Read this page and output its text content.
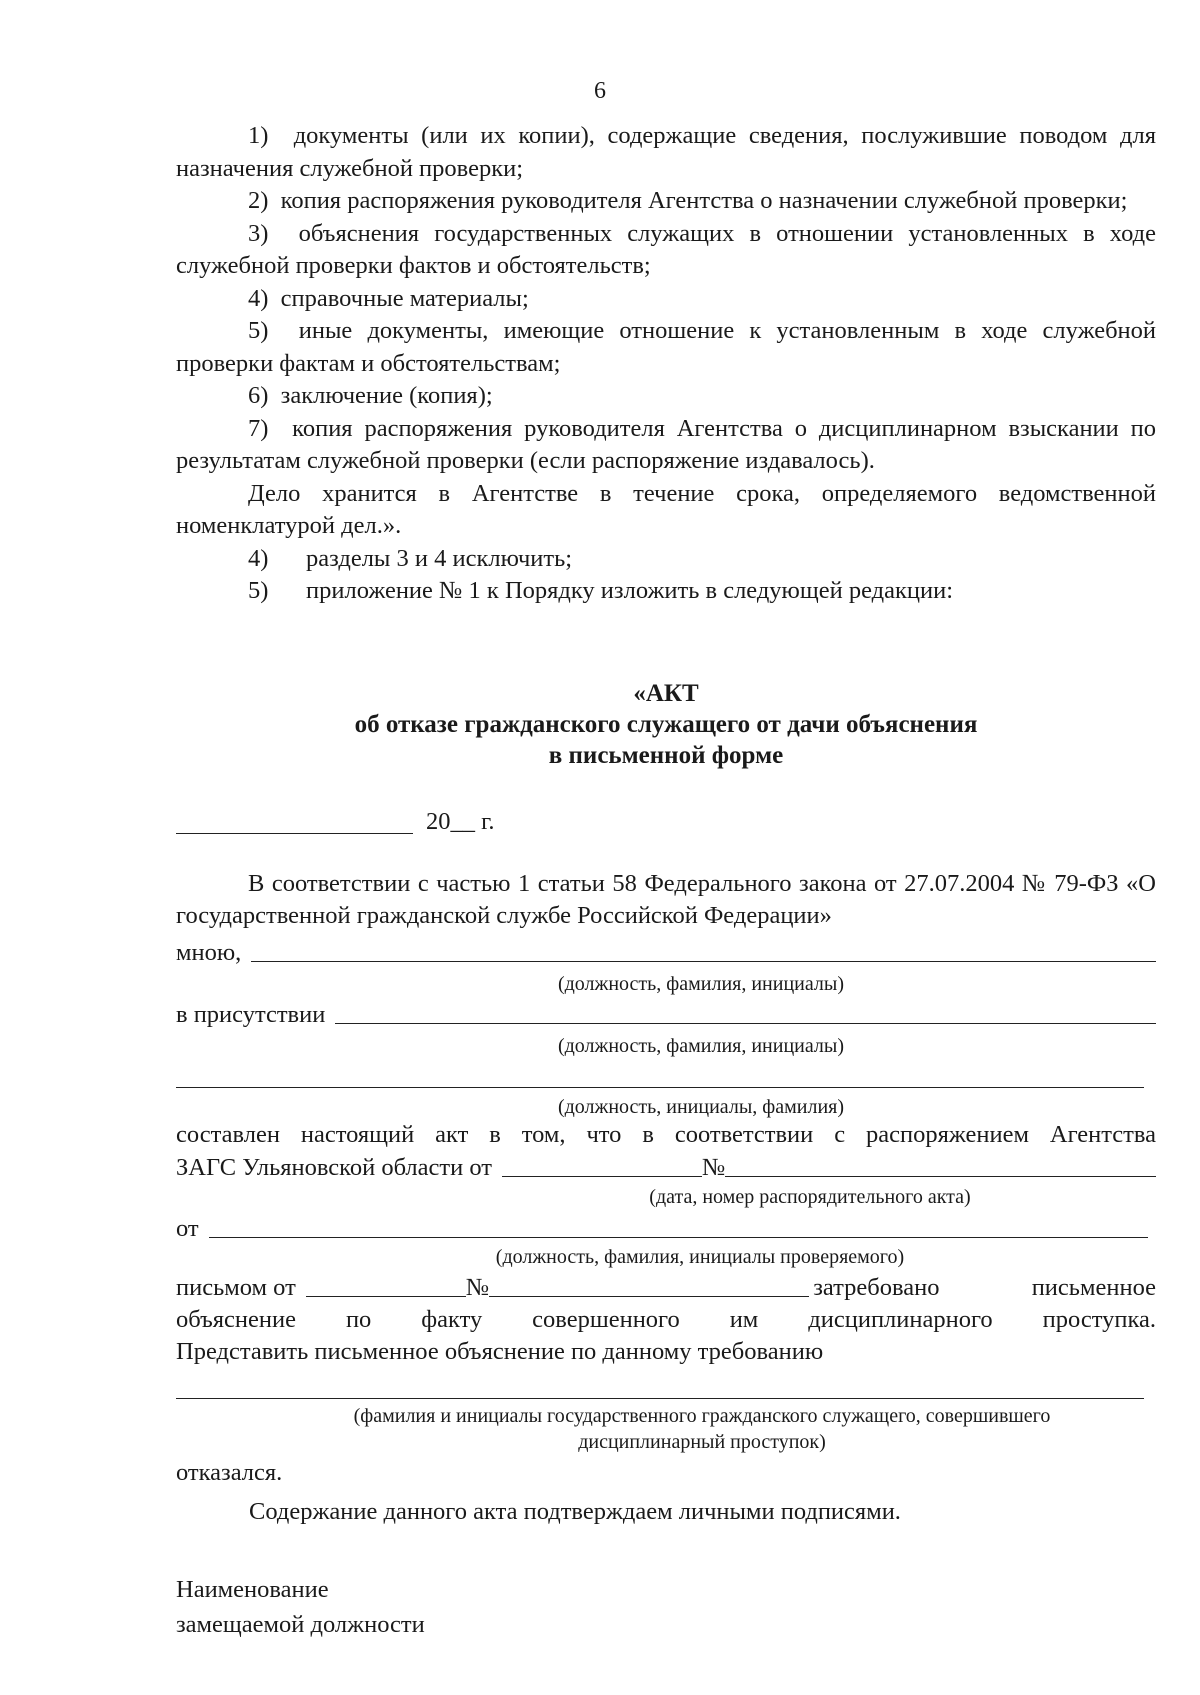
6

1) документы (или их копии), содержащие сведения, послужившие поводом для назначения служебной проверки;

2) копия распоряжения руководителя Агентства о назначении служебной проверки;

3) объяснения государственных служащих в отношении установленных в ходе служебной проверки фактов и обстоятельств;

4) справочные материалы;

5) иные документы, имеющие отношение к установленным в ходе служебной проверки фактам и обстоятельствам;

6) заключение (копия);

7) копия распоряжения руководителя Агентства о дисциплинарном взыскании по результатам служебной проверки (если распоряжение издавалось).

Дело хранится в Агентстве в течение срока, определяемого ведомственной номенклатурой дел.».

4) разделы 3 и 4 исключить;

5) приложение № 1 к Порядку изложить в следующей редакции:

«АКТ

об отказе гражданского служащего от дачи объяснения

в письменной форме

20__ г.

В соответствии с частью 1 статьи 58 Федерального закона от 27.07.2004 № 79-ФЗ «О государственной гражданской службе Российской Федерации»

мною,
(должность, фамилия, инициалы)
в присутствии
(должность, фамилия, инициалы)
(должность, инициалы, фамилия)
составлен настоящий акт в том, что в соответствии с распоряжением Агентства
ЗАГС Ульяновской области от	№
(дата, номер распорядительного акта)
от
(должность, фамилия, инициалы проверяемого)
письмом от	№	затребовано письменное
объяснение по факту совершенного им дисциплинарного проступка.
Представить письменное объяснение по данному требованию
(фамилия и инициалы государственного гражданского служащего, совершившего
дисциплинарный проступок)
отказался.
Содержание данного акта подтверждаем личными подписями.
Наименование
замещаемой должности
